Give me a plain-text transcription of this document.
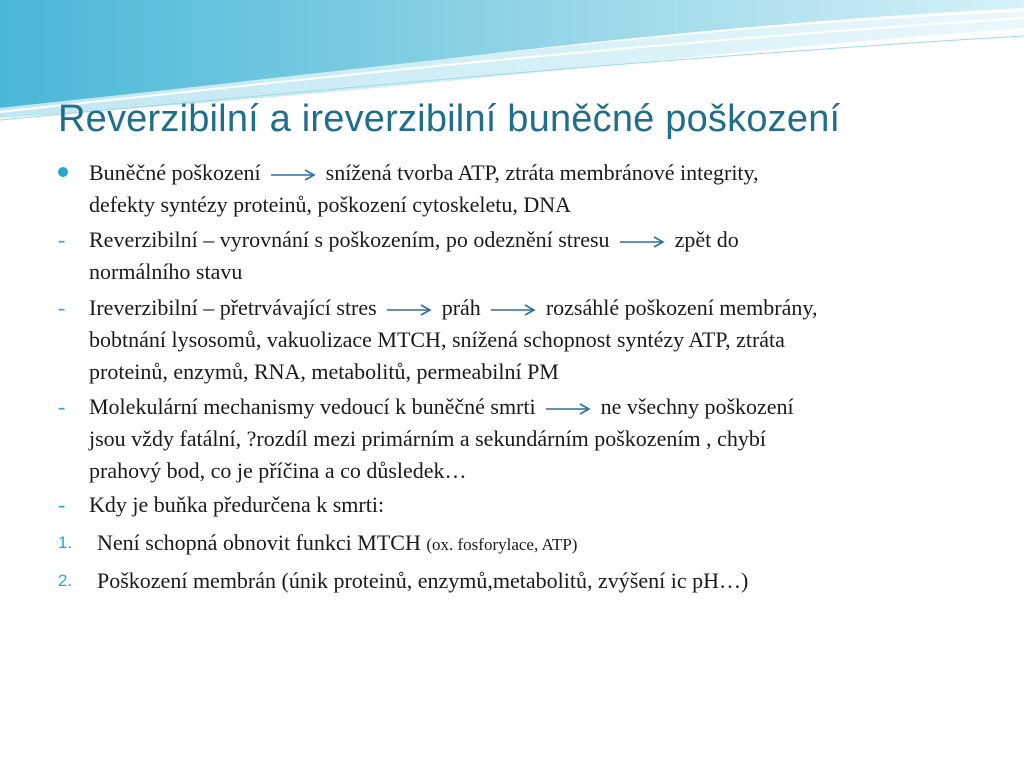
Reverzibilní a ireverzibilní buněčné poškození
Buněčné poškození	snížená tvorba ATP, ztráta membránové integrity,
defekty syntézy proteinů, poškození cytoskeletu, DNA
- Reverzibilní – vyrovnání s poškozením, po odeznění stresu	zpět do
normálního stavu
- Ireverzibilní – přetrvávající stres	práh	rozsáhlé poškození membrány,
bobtnání lysosomů, vakuolizace MTCH, snížená schopnost syntézy ATP, ztráta
proteinů, enzymů, RNA, metabolitů, permeabilní PM
- Molekulární mechanismy vedoucí k buněčné smrti	ne všechny poškození
jsou vždy fatální, ?rozdíl mezi primárním a sekundárním poškozením , chybí
prahový bod, co je příčina a co důsledek…
- Kdy je buňka předurčena k smrti:
1. Není schopná obnovit funkci MTCH (ox. fosforylace, ATP)
2. Poškození membrán (únik proteinů, enzymů,metabolitů, zvýšení ic pH…)
